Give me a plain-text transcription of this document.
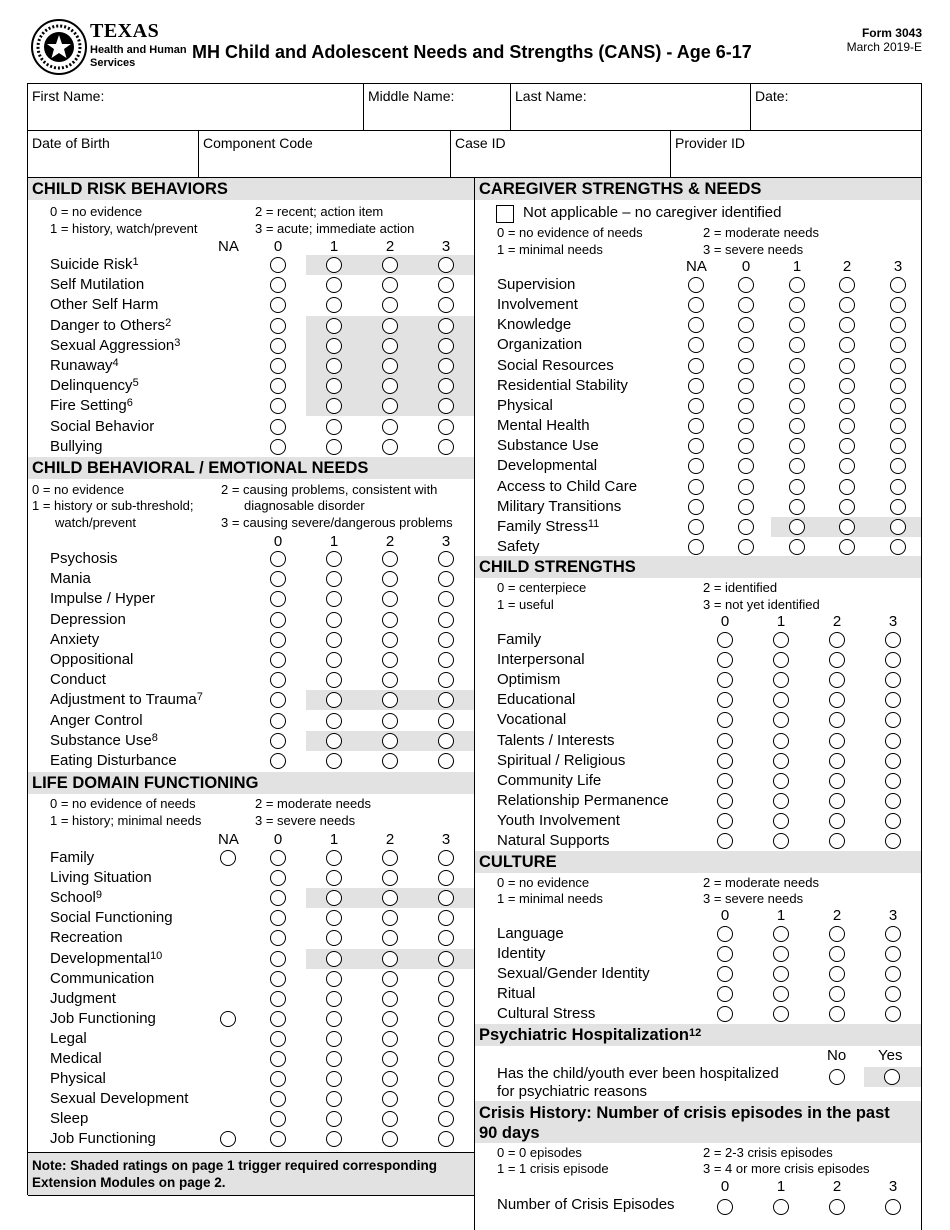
TEXAS
Health and Human
Services
MH Child and Adolescent Needs and Strengths (CANS) - Age 6-17
Form 3043
March 2019-E
First Name:	Middle Name:	Last Name:	Date:
Date of Birth	Component Code	Case ID	Provider ID
CHILD RISK BEHAVIORS
0 = no evidence	2 = recent; action item
1 = history, watch/prevent	3 = acute; immediate action
NA	0	1	2	3
Suicide Risk$^1$
Self Mutilation
Other Self Harm
Danger to Others$^2$
Sexual Aggression$^3$
Runaway$^4$
Delinquency$^5$
Fire Setting$^6$
Social Behavior
Bullying
CHILD BEHAVIORAL / EMOTIONAL NEEDS
0 = no evidence	2 = causing problems, consistent with
1 = history or sub-threshold;	diagnosable disorder
watch/prevent	3 = causing severe/dangerous problems
0	1	2	3
Psychosis
Mania
Impulse / Hyper
Depression
Anxiety
Oppositional
Conduct
Adjustment to Trauma$^7$
Anger Control
Substance Use$^8$
Eating Disturbance
LIFE DOMAIN FUNCTIONING
0 = no evidence of needs	2 = moderate needs
1 = history; minimal needs	3 = severe needs
NA	0	1	2	3
Family
Living Situation
School$^9$
Social Functioning
Recreation
Developmental$^{10}$
Communication
Judgment
Job Functioning
Legal
Medical
Physical
Sexual Development
Sleep
Job Functioning
Note: Shaded ratings on page 1 trigger required corresponding Extension Modules on page 2.
CAREGIVER STRENGTHS & NEEDS
Not applicable – no caregiver identified
0 = no evidence of needs	2 = moderate needs
1 = minimal needs	3 = severe needs
NA	0	1	2	3
Supervision
Involvement
Knowledge
Organization
Social Resources
Residential Stability
Physical
Mental Health
Substance Use
Developmental
Access to Child Care
Military Transitions
Family Stress$^{11}$
Safety
CHILD STRENGTHS
0 = centerpiece	2 = identified
1 = useful	3 = not yet identified
0	1	2	3
Family
Interpersonal
Optimism
Educational
Vocational
Talents / Interests
Spiritual / Religious
Community Life
Relationship Permanence
Youth Involvement
Natural Supports
CULTURE
0 = no evidence	2 = moderate needs
1 = minimal needs	3 = severe needs
0	1	2	3
Language
Identity
Sexual/Gender Identity
Ritual
Cultural Stress
Psychiatric Hospitalization$^{12}$
No Yes
Has the child/youth ever been hospitalized
for psychiatric reasons
Crisis History: Number of crisis episodes in the past
90 days
0 = 0 episodes	2 = 2-3 crisis episodes
1 = 1 crisis episode	3 = 4 or more crisis episodes
0	1	2	3
Number of Crisis Episodes
